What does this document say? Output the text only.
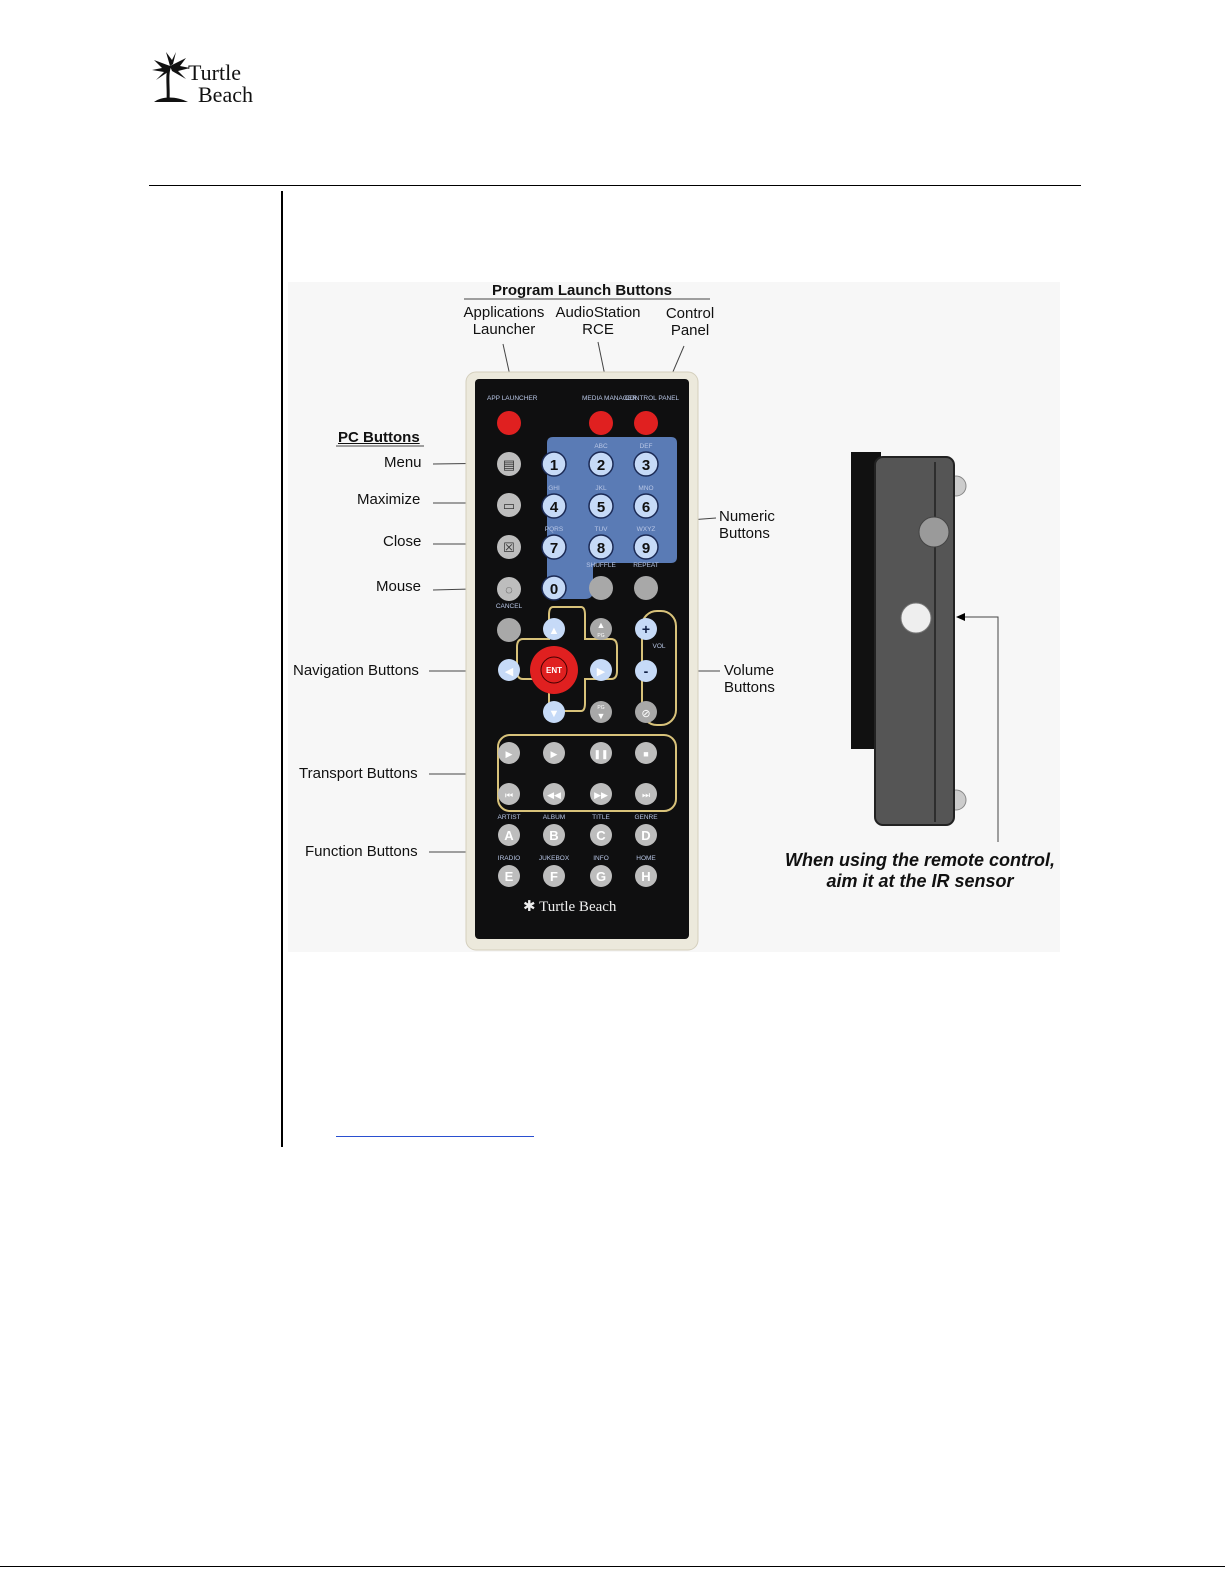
Turtle
Beach
Program Launch Buttons
Applications
Launcher
AudioStation
RCE
Control
Panel
PC Buttons
Menu
Maximize
Close
Mouse
Navigation Buttons
Transport Buttons
Function Buttons
Numeric
Buttons
Volume
Buttons
▤
▭
☒
◌
1	2 3
4	5 6
7	8 9
0
▲
▼
◀	▶
ENT
▲
PG
PG
▼
+
-
⊘
▶	▶	❚❚	■
⏮	◀◀	▶▶	⏭
A	B	C	D
E	F	G	H
APP LAUNCHER	MEDIA MANAGER
CONTROL PANEL
SHUFFLE	REPEAT
CANCEL
VOL
ABC	DEF
GHI	JKL	MNO
PQRS	TUV	WXYZ
ARTIST	ALBUM	TITLE	GENRE
IRADIO	JUKEBOX	INFO	HOME
✱ Turtle Beach
When using the remote control,
aim it at the IR sensor
